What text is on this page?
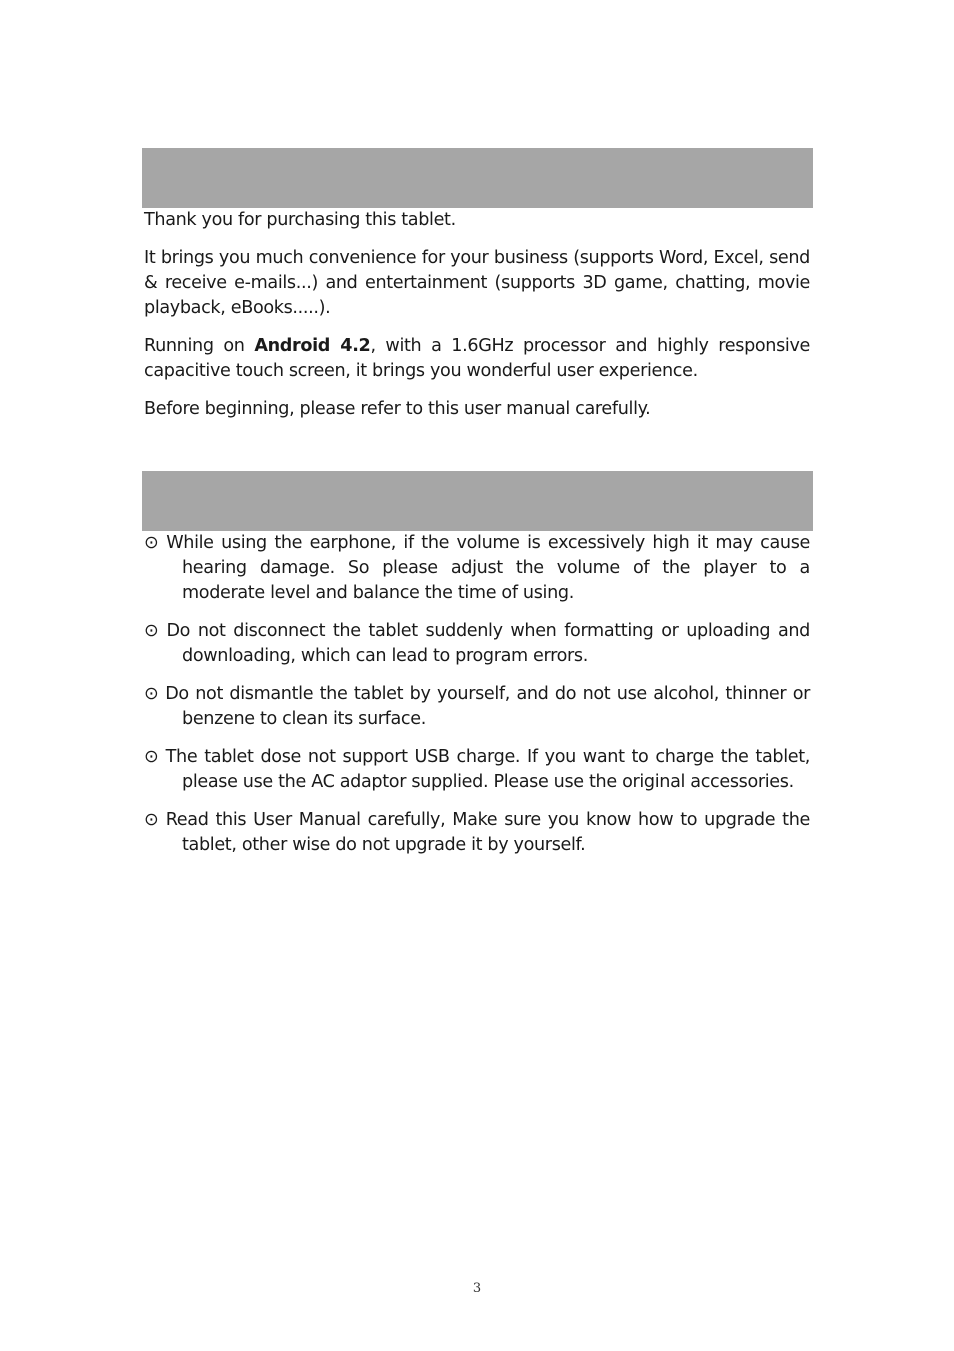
Thank you for purchasing this tablet.

It brings you much convenience for your business (supports Word, Excel, send & receive e-mails...) and entertainment (supports 3D game, chatting, movie playback, eBooks.....).

Running on Android 4.2, with a 1.6GHz processor and highly responsive capacitive touch screen, it brings you wonderful user experience.

Before beginning, please refer to this user manual carefully.

⊙ While using the earphone, if the volume is excessively high it may cause hearing damage. So please adjust the volume of the player to a moderate level and balance the time of using.

⊙ Do not disconnect the tablet suddenly when formatting or uploading and downloading, which can lead to program errors.

⊙ Do not dismantle the tablet by yourself, and do not use alcohol, thinner or benzene to clean its surface.

⊙ The tablet dose not support USB charge. If you want to charge the tablet, please use the AC adaptor supplied. Please use the original accessories.

⊙ Read this User Manual carefully, Make sure you know how to upgrade the tablet, other wise do not upgrade it by yourself.

3
